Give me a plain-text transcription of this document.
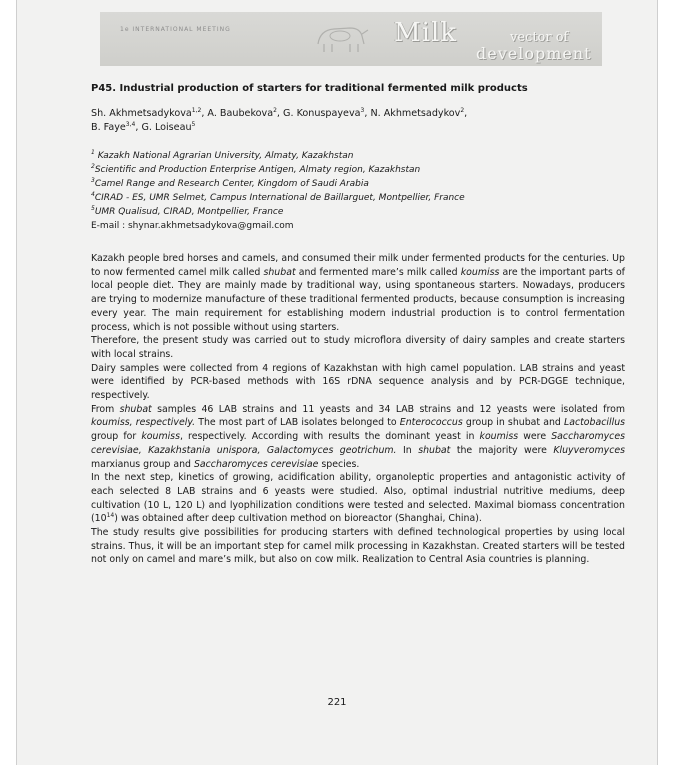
1e INTERNATIONAL MEETING	Milk	vector of
development
P45. Industrial production of starters for traditional fermented milk products
Sh. Akhmetsadykova$^{1,2}$, A. Baubekova$^2$, G. Konuspayeva$^3$, N. Akhmetsadykov$^2$,
B. Faye$^{3,4}$, G. Loiseau$^5$
$^1$ Kazakh National Agrarian University, Almaty, Kazakhstan
$^2$Scientific and Production Enterprise Antigen, Almaty region, Kazakhstan
$^3$Camel Range and Research Center, Kingdom of Saudi Arabia
$^4$CIRAD - ES, UMR Selmet, Campus International de Baillarguet, Montpellier, France
$^5$UMR Qualisud, CIRAD, Montpellier, France
E-mail : shynar.akhmetsadykova@gmail.com

Kazakh people bred horses and camels, and consumed their milk under fermented products for the centuries. Up to now fermented camel milk called shubat and fermented mare’s milk called koumiss are the important parts of local people diet. They are mainly made by traditional way, using spontaneous starters. Nowadays, producers are trying to modernize manufacture of these traditional fermented products, because consumption is increasing every year. The main requirement for establishing modern industrial production is to control fermentation process, which is not possible without using starters.

Therefore, the present study was carried out to study microflora diversity of dairy samples and create starters with local strains.

Dairy samples were collected from 4 regions of Kazakhstan with high camel population. LAB strains and yeast were identified by PCR-based methods with 16S rDNA sequence analysis and by PCR-DGGE technique, respectively.

From shubat samples 46 LAB strains and 11 yeasts and 34 LAB strains and 12 yeasts were isolated from koumiss, respectively. The most part of LAB isolates belonged to Enterococcus group in shubat and Lactobacillus group for koumiss, respectively. According with results the dominant yeast in koumiss were Saccharomyces cerevisiae, Kazakhstania unispora, Galactomyces geotrichum. In shubat the majority were Kluyveromyces marxianus group and Saccharomyces cerevisiae species.

In the next step, kinetics of growing, acidification ability, organoleptic properties and antagonistic activity of each selected 8 LAB strains and 6 yeasts were studied. Also, optimal industrial nutritive mediums, deep cultivation (10 L, 120 L) and lyophilization conditions were tested and selected. Maximal biomass concentration $(10^{14})$ was obtained after deep cultivation method on bioreactor (Shanghai, China).

The study results give possibilities for producing starters with defined technological properties by using local strains. Thus, it will be an important step for camel milk processing in Kazakhstan. Created starters will be tested not only on camel and mare’s milk, but also on cow milk. Realization to Central Asia countries is planning.

221
